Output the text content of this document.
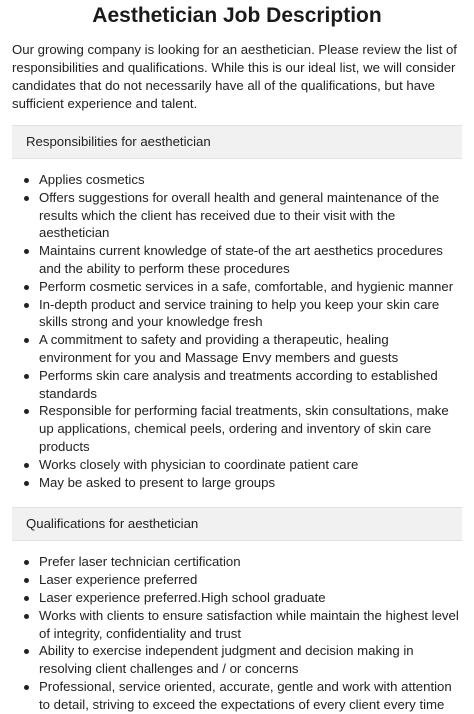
Aesthetician Job Description

Our growing company is looking for an aesthetician. Please review the list of responsibilities and qualifications. While this is our ideal list, we will consider candidates that do not necessarily have all of the qualifications, but have sufficient experience and talent.

Responsibilities for aesthetician
Applies cosmetics
Offers suggestions for overall health and general maintenance of the results which the client has received due to their visit with the aesthetician
Maintains current knowledge of state-of the art aesthetics procedures and the ability to perform these procedures
Perform cosmetic services in a safe, comfortable, and hygienic manner
In-depth product and service training to help you keep your skin care skills strong and your knowledge fresh
A commitment to safety and providing a therapeutic, healing environment for you and Massage Envy members and guests
Performs skin care analysis and treatments according to established standards
Responsible for performing facial treatments, skin consultations, make up applications, chemical peels, ordering and inventory of skin care products
Works closely with physician to coordinate patient care
May be asked to present to large groups
Qualifications for aesthetician
Prefer laser technician certification
Laser experience preferred
Laser experience preferred.High school graduate
Works with clients to ensure satisfaction while maintain the highest level of integrity, confidentiality and trust
Ability to exercise independent judgment and decision making in resolving client challenges and / or concerns
Professional, service oriented, accurate, gentle and work with attention to detail, striving to exceed the expectations of every client every time
